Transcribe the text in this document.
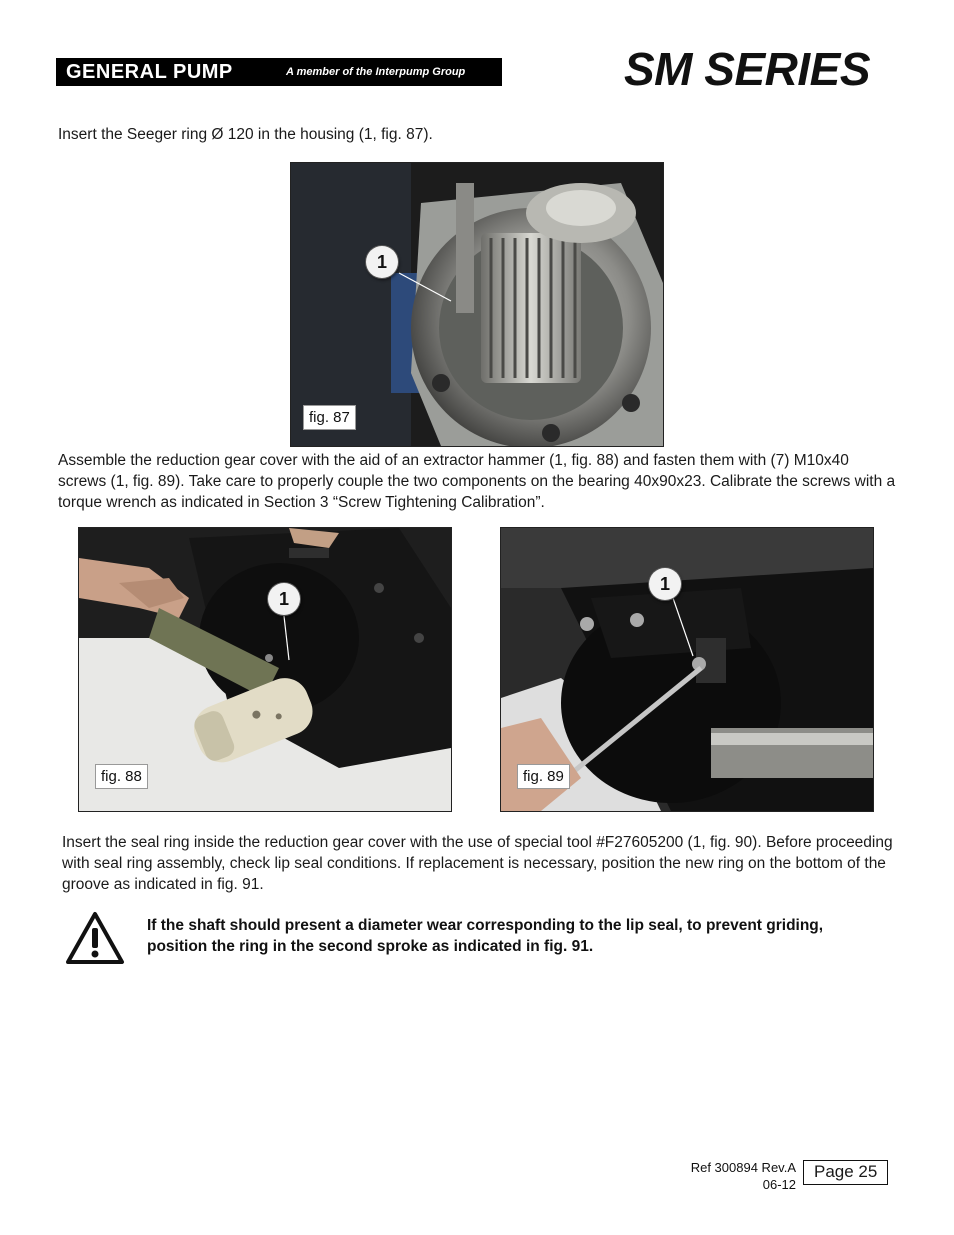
GENERAL PUMP	A member of the Interpump Group	SM SERIES
Insert the Seeger ring Ø 120 in the housing (1, fig. 87).
1
fig. 87
Assemble the reduction gear cover with the aid of an extractor hammer (1, fig. 88) and fasten them with (7) M10x40 screws (1, fig. 89). Take care to properly couple the two components on the bearing 40x90x23. Calibrate the screws with a torque wrench as indicated in Section 3 “Screw Tightening Calibration”.
1
fig. 88
1
fig. 89
Insert the seal ring inside the reduction gear cover with the use of special tool #F27605200 (1, fig. 90). Before proceeding with seal ring assembly, check lip seal conditions. If replacement is necessary, position the new ring on the bottom of the groove as indicated in fig. 91.
If the shaft should present a diameter wear corresponding to the lip seal, to prevent griding, position the ring in the second sproke as indicated in fig. 91.
Ref 300894 Rev.A
06-12
Page 25
